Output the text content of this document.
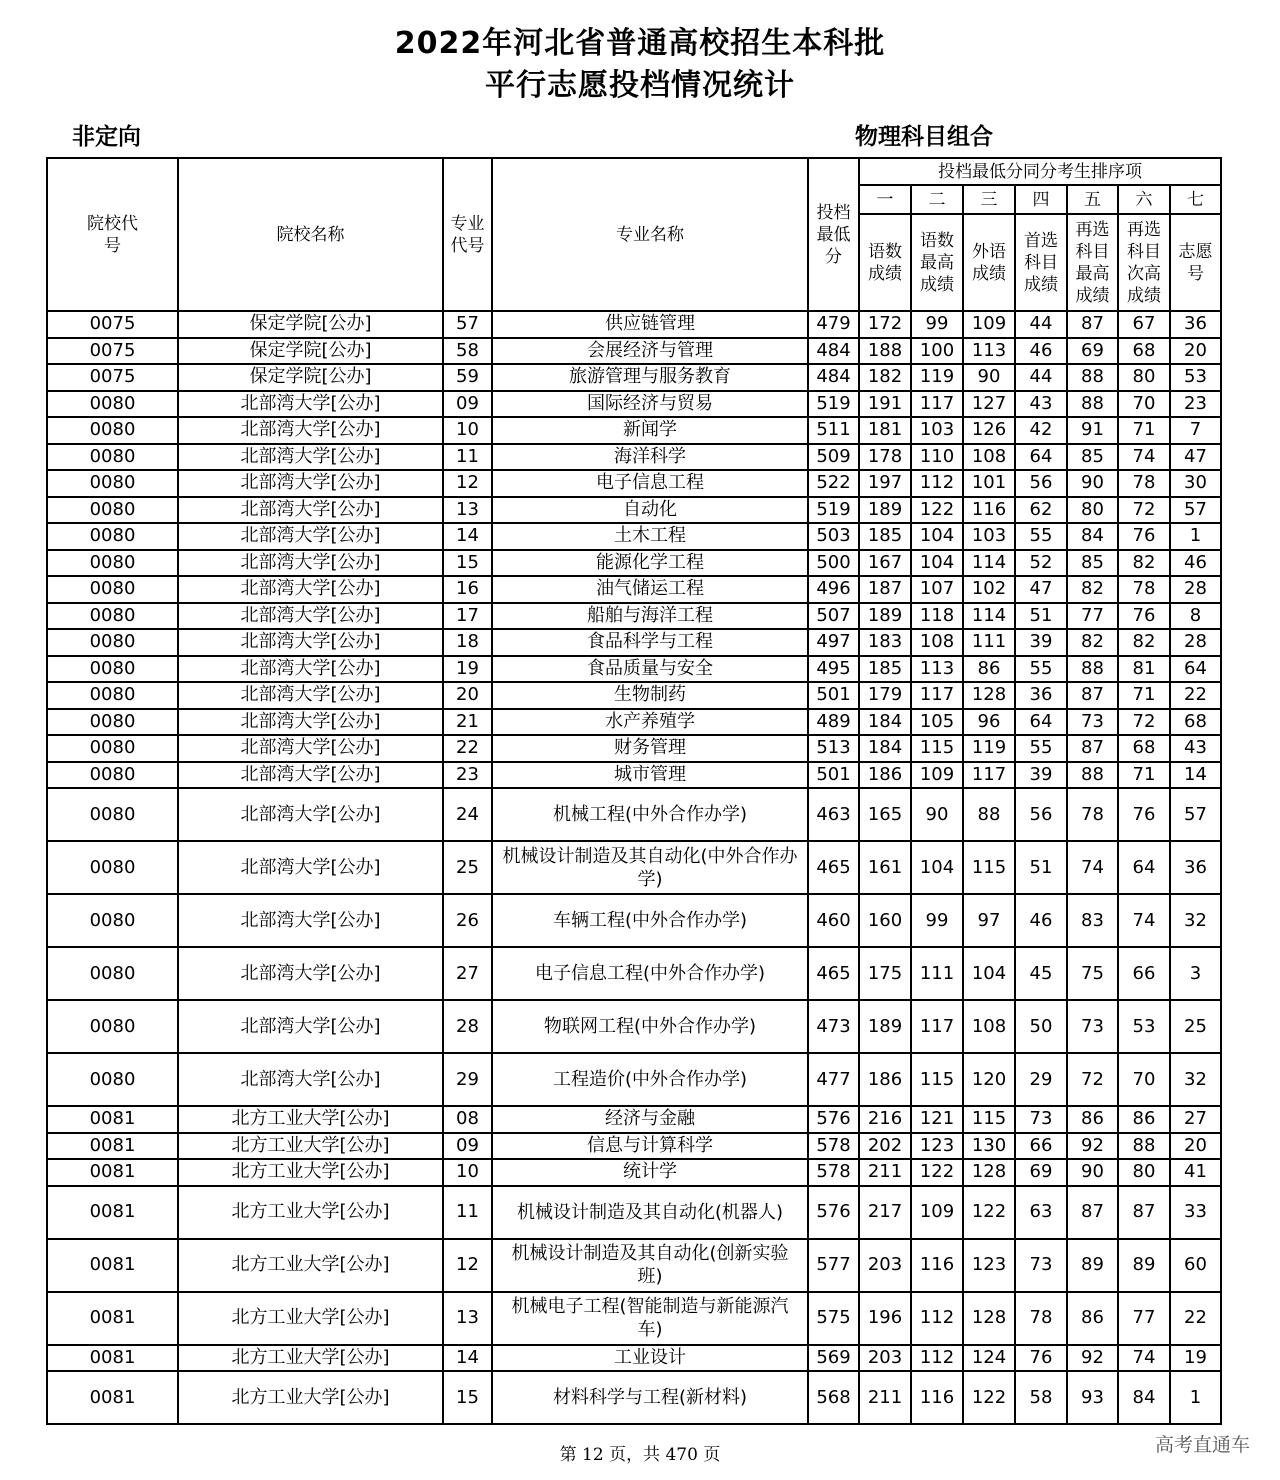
2022年河北省普通高校招生本科批
平行志愿投档情况统计
非定向	物理科目组合
院校代号	院校名称	专业代号	专业名称	投档最低分	投档最低分同分考生排序项						
					一	二	三	四	五	六	七

					语数成绩	语数最高成绩	外语成绩	首选科目成绩	再选科目最高成绩	再选科目次高成绩	志愿号

0075	保定学院[公办]	57	供应链管理	479	172	99	109	44	87	67	36
0075	保定学院[公办]	58	会展经济与管理	484	188	100	113	46	69	68	20
0075	保定学院[公办]	59	旅游管理与服务教育	484	182	119	90	44	88	80	53
0080	北部湾大学[公办]	09	国际经济与贸易	519	191	117	127	43	88	70	23
0080	北部湾大学[公办]	10	新闻学	511	181	103	126	42	91	71	7
0080	北部湾大学[公办]	11	海洋科学	509	178	110	108	64	85	74	47
0080	北部湾大学[公办]	12	电子信息工程	522	197	112	101	56	90	78	30
0080	北部湾大学[公办]	13	自动化	519	189	122	116	62	80	72	57
0080	北部湾大学[公办]	14	土木工程	503	185	104	103	55	84	76	1
0080	北部湾大学[公办]	15	能源化学工程	500	167	104	114	52	85	82	46
0080	北部湾大学[公办]	16	油气储运工程	496	187	107	102	47	82	78	28
0080	北部湾大学[公办]	17	船舶与海洋工程	507	189	118	114	51	77	76	8
0080	北部湾大学[公办]	18	食品科学与工程	497	183	108	111	39	82	82	28
0080	北部湾大学[公办]	19	食品质量与安全	495	185	113	86	55	88	81	64
0080	北部湾大学[公办]	20	生物制药	501	179	117	128	36	87	71	22
0080	北部湾大学[公办]	21	水产养殖学	489	184	105	96	64	73	72	68
0080	北部湾大学[公办]	22	财务管理	513	184	115	119	55	87	68	43
0080	北部湾大学[公办]	23	城市管理	501	186	109	117	39	88	71	14
0080	北部湾大学[公办]	24	机械工程(中外合作办学)	463	165	90	88	56	78	76	57
0080	北部湾大学[公办]	25	机械设计制造及其自动化(中外合作办学)	465	161	104	115	51	74	64	36
0080	北部湾大学[公办]	26	车辆工程(中外合作办学)	460	160	99	97	46	83	74	32
0080	北部湾大学[公办]	27	电子信息工程(中外合作办学)	465	175	111	104	45	75	66	3
0080	北部湾大学[公办]	28	物联网工程(中外合作办学)	473	189	117	108	50	73	53	25
0080	北部湾大学[公办]	29	工程造价(中外合作办学)	477	186	115	120	29	72	70	32
0081	北方工业大学[公办]	08	经济与金融	576	216	121	115	73	86	86	27
0081	北方工业大学[公办]	09	信息与计算科学	578	202	123	130	66	92	88	20
0081	北方工业大学[公办]	10	统计学	578	211	122	128	69	90	80	41
0081	北方工业大学[公办]	11	机械设计制造及其自动化(机器人)	576	217	109	122	63	87	87	33
0081	北方工业大学[公办]	12	机械设计制造及其自动化(创新实验班)	577	203	116	123	73	89	89	60
0081	北方工业大学[公办]	13	机械电子工程(智能制造与新能源汽车)	575	196	112	128	78	86	77	22
0081	北方工业大学[公办]	14	工业设计	569	203	112	124	76	92	74	19
0081	北方工业大学[公办]	15	材料科学与工程(新材料)	568	211	116	122	58	93	84	1
第 12 页，共 470 页	高考直通车
